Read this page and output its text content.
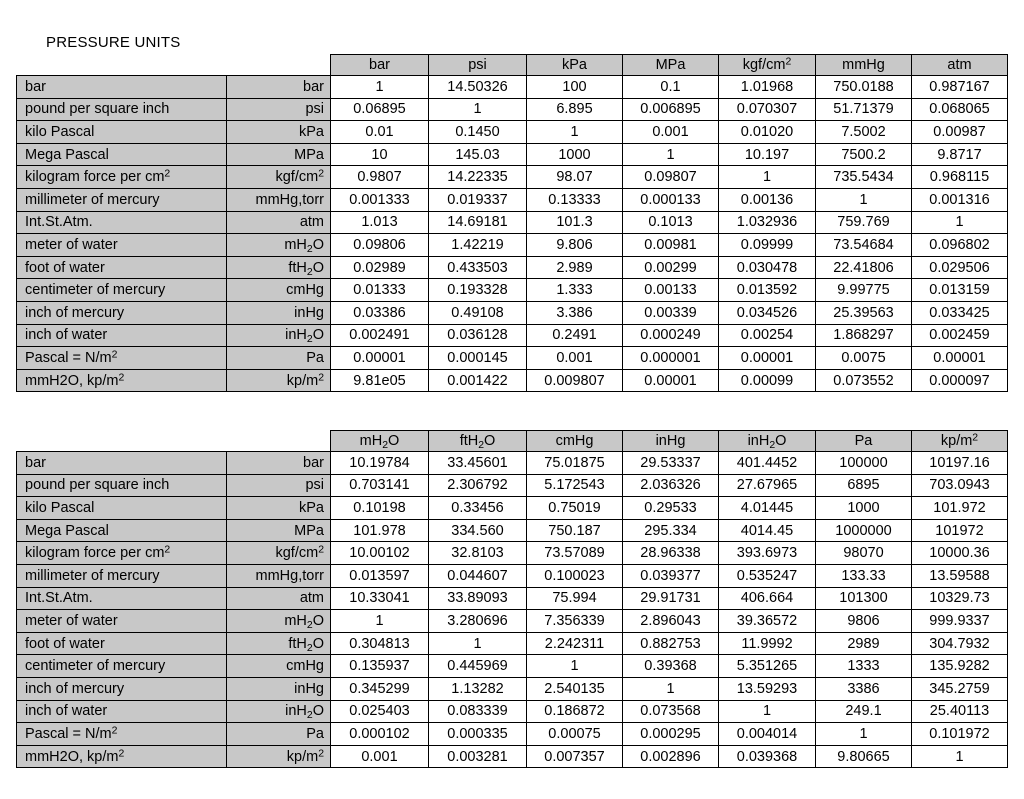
PRESSURE UNITS
		bar	psi	kPa	MPa	kgf/$cm^2$	mmHg	atm
bar	bar	1	14.50326	100	0.1	1.01968	750.0188	0.987167
pound per square inch	psi	0.06895	1	6.895	0.006895	0.070307	51.71379	0.068065
kilo Pascal	kPa	0.01	0.1450	1	0.001	0.01020	7.5002	0.00987
Mega Pascal	MPa	10	145.03	1000	1	10.197	7500.2	9.8717
kilogram force per $cm^2$	kgf/$cm^2$	0.9807	14.22335	98.07	0.09807	1	735.5434	0.968115
millimeter of mercury	mmHg,torr	0.001333	0.019337	0.13333	0.000133	0.00136	1	0.001316
Int.St.Atm.	atm	1.013	14.69181	101.3	0.1013	1.032936	759.769	1
meter of water	$mH_2O$	0.09806	1.42219	9.806	0.00981	0.09999	73.54684	0.096802
foot of water	ftH$_2$O	0.02989	0.433503	2.989	0.00299	0.030478	22.41806	0.029506
centimeter of mercury	cmHg	0.01333	0.193328	1.333	0.00133	0.013592	9.99775	0.013159
inch of mercury	inHg	0.03386	0.49108	3.386	0.00339	0.034526	25.39563	0.033425
inch of water	inH$_2$O	0.002491	0.036128	0.2491	0.000249	0.00254	1.868297	0.002459
Pascal = $N/m^2$	Pa	0.00001	0.000145	0.001	0.000001	0.00001	0.0075	0.00001
mmH2O, $kp/m^2$	$kp/m^2$	9.81e05	0.001422	0.009807	0.00001	0.00099	0.073552	0.000097
		$mH_2O$	ftH$_2$O	cmHg	inHg	inH$_2$O	Pa	$kp/m^2$
bar	bar	10.19784	33.45601	75.01875	29.53337	401.4452	100000	10197.16
pound per square inch	psi	0.703141	2.306792	5.172543	2.036326	27.67965	6895	703.0943
kilo Pascal	kPa	0.10198	0.33456	0.75019	0.29533	4.01445	1000	101.972
Mega Pascal	MPa	101.978	334.560	750.187	295.334	4014.45	1000000	101972
kilogram force per $cm^2$	kgf/$cm^2$	10.00102	32.8103	73.57089	28.96338	393.6973	98070	10000.36
millimeter of mercury	mmHg,torr	0.013597	0.044607	0.100023	0.039377	0.535247	133.33	13.59588
Int.St.Atm.	atm	10.33041	33.89093	75.994	29.91731	406.664	101300	10329.73
meter of water	$mH_2O$	1	3.280696	7.356339	2.896043	39.36572	9806	999.9337
foot of water	ftH$_2$O	0.304813	1	2.242311	0.882753	11.9992	2989	304.7932
centimeter of mercury	cmHg	0.135937	0.445969	1	0.39368	5.351265	1333	135.9282
inch of mercury	inHg	0.345299	1.13282	2.540135	1	13.59293	3386	345.2759
inch of water	inH$_2$O	0.025403	0.083339	0.186872	0.073568	1	249.1	25.40113
Pascal = $N/m^2$	Pa	0.000102	0.000335	0.00075	0.000295	0.004014	1	0.101972
mmH2O, $kp/m^2$	$kp/m^2$	0.001	0.003281	0.007357	0.002896	0.039368	9.80665	1
